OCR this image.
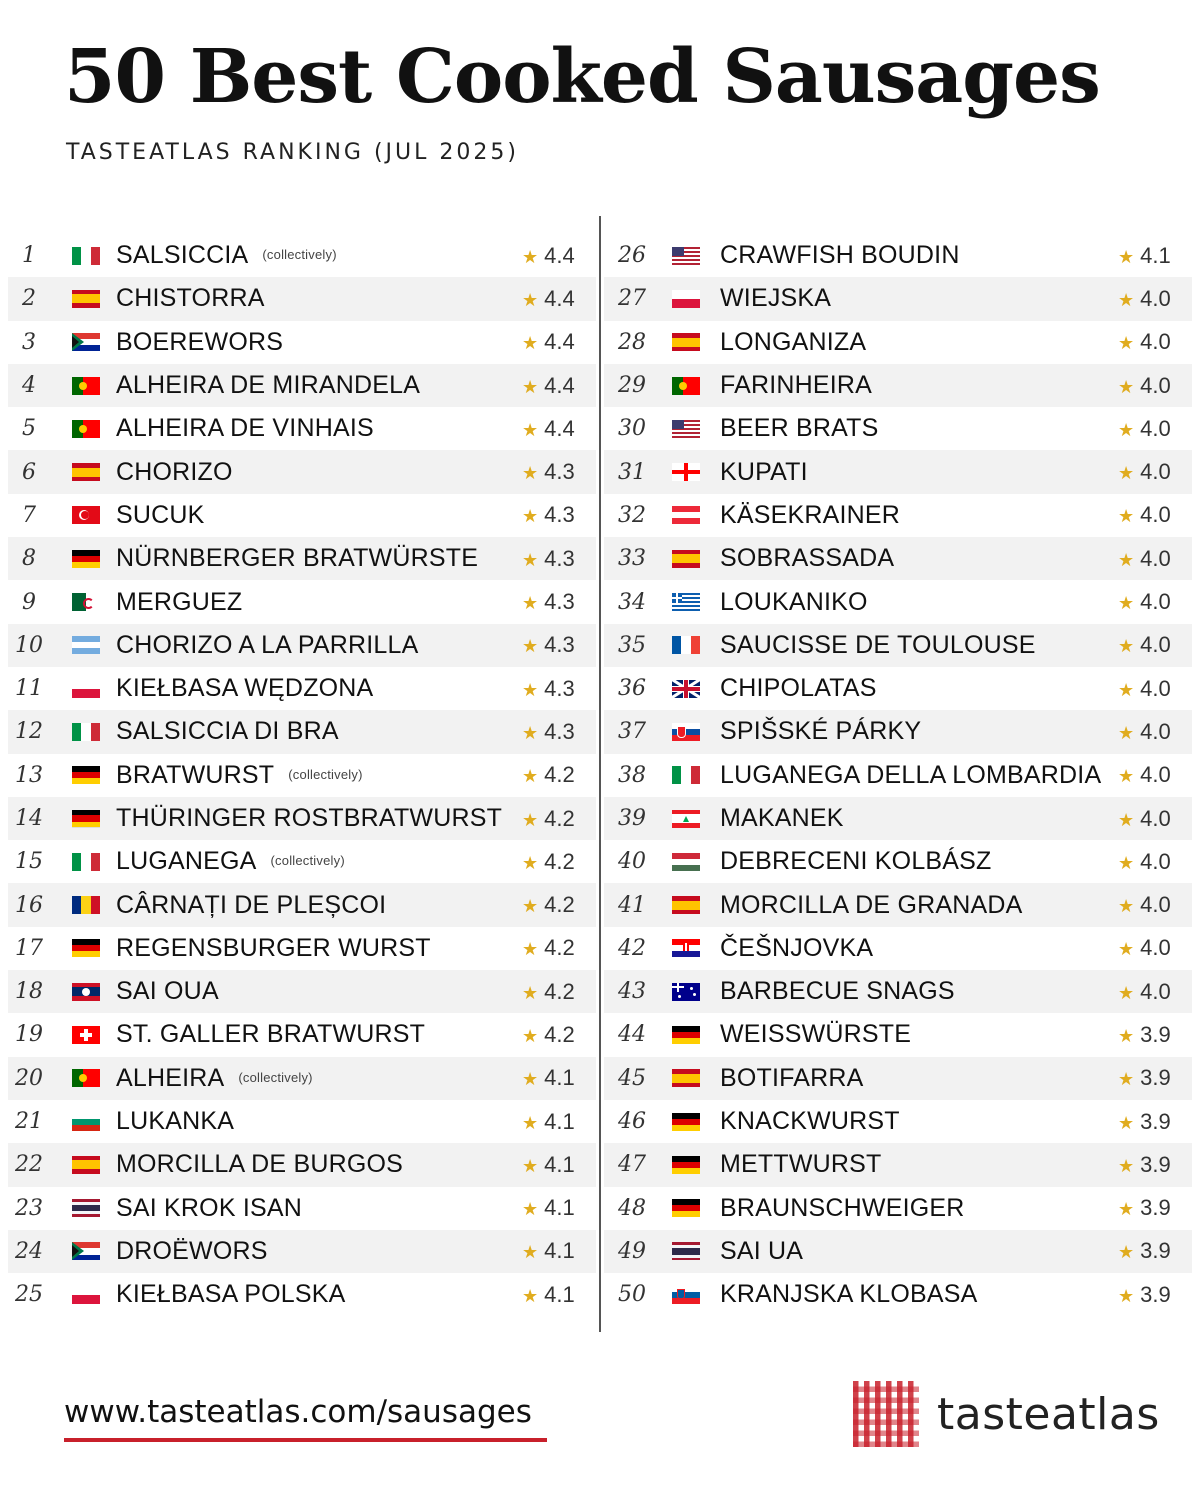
50 Best Cooked Sausages
TASTEATLAS RANKING (JUL 2025)
1	SALSICCIA (collectively)	★ 4.4
2	CHISTORRA	★ 4.4
3	BOEREWORS	★ 4.4
4	ALHEIRA DE MIRANDELA	★ 4.4
5	ALHEIRA DE VINHAIS	★ 4.4
6	CHORIZO	★ 4.3
7	SUCUK	★ 4.3
8	NÜRNBERGER BRATWÜRSTE	★ 4.3
9	MERGUEZ	★ 4.3
10	CHORIZO A LA PARRILLA	★ 4.3
11	KIEŁBASA WĘDZONA	★ 4.3
12	SALSICCIA DI BRA	★ 4.3
13	BRATWURST (collectively)	★ 4.2
14	THÜRINGER ROSTBRATWURST	★ 4.2
15	LUGANEGA (collectively)	★ 4.2
16	CÂRNAȚI DE PLEȘCOI	★ 4.2
17	REGENSBURGER WURST	★ 4.2
18	SAI OUA	★ 4.2
19	ST. GALLER BRATWURST	★ 4.2
20	ALHEIRA (collectively)	★ 4.1
21	LUKANKA	★ 4.1
22	MORCILLA DE BURGOS	★ 4.1
23	SAI KROK ISAN	★ 4.1
24	DROËWORS	★ 4.1
25	KIEŁBASA POLSKA	★ 4.1
26	CRAWFISH BOUDIN	★ 4.1
27	WIEJSKA	★ 4.0
28	LONGANIZA	★ 4.0
29	FARINHEIRA	★ 4.0
30	BEER BRATS	★ 4.0
31	KUPATI	★ 4.0
32	KÄSEKRAINER	★ 4.0
33	SOBRASSADA	★ 4.0
34	LOUKANIKO	★ 4.0
35	SAUCISSE DE TOULOUSE	★ 4.0
36	CHIPOLATAS	★ 4.0
37	SPIŠSKÉ PÁRKY	★ 4.0
38	LUGANEGA DELLA LOMBARDIA ★ 4.0
39	MAKANEK	★ 4.0
40	DEBRECENI KOLBÁSZ	★ 4.0
41	MORCILLA DE GRANADA	★ 4.0
42	ČEŠNJOVKA	★ 4.0
43	BARBECUE SNAGS	★ 4.0
44	WEISSWÜRSTE	★ 3.9
45	BOTIFARRA	★ 3.9
46	KNACKWURST	★ 3.9
47	METTWURST	★ 3.9
48	BRAUNSCHWEIGER	★ 3.9
49	SAI UA	★ 3.9
50	KRANJSKA KLOBASA	★ 3.9
www.tasteatlas.com/sausages	tasteatlas
